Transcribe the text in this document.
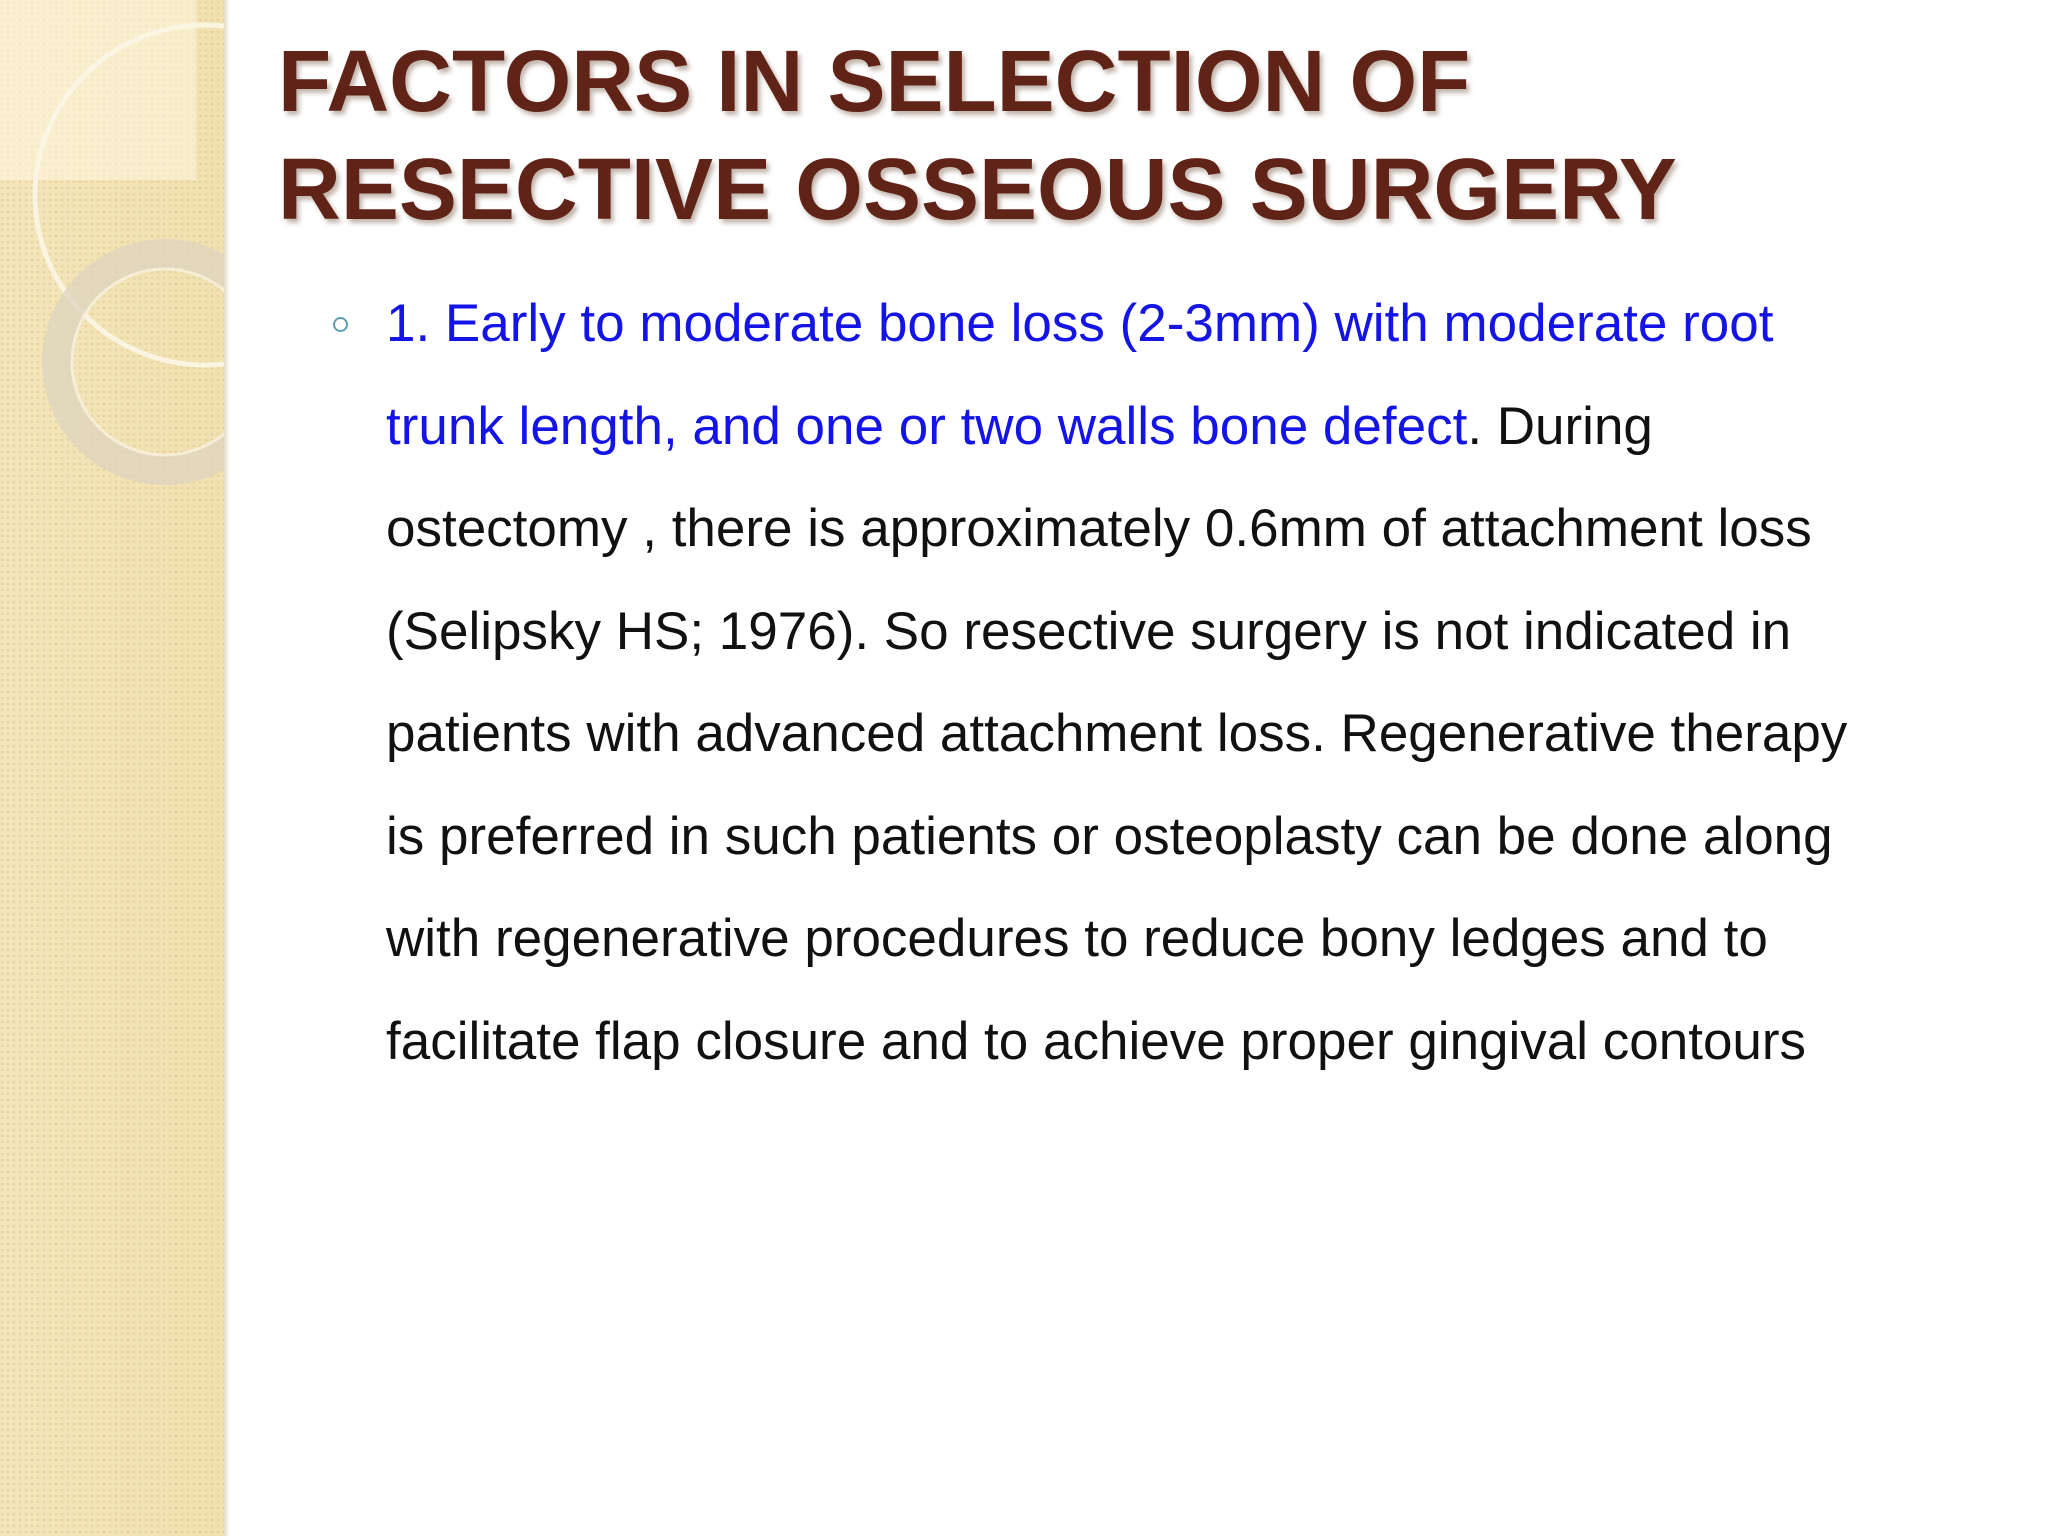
FACTORS IN SELECTION OF
RESECTIVE OSSEOUS SURGERY
1. Early to moderate bone loss (2-3mm) with moderate root
trunk length, and one or two walls bone defect. During
ostectomy , there is approximately 0.6mm of attachment loss
(Selipsky HS; 1976). So resective surgery is not indicated in
patients with advanced attachment loss. Regenerative therapy
is preferred in such patients or osteoplasty can be done along
with regenerative procedures to reduce bony ledges and to
facilitate flap closure and to achieve proper gingival contours
